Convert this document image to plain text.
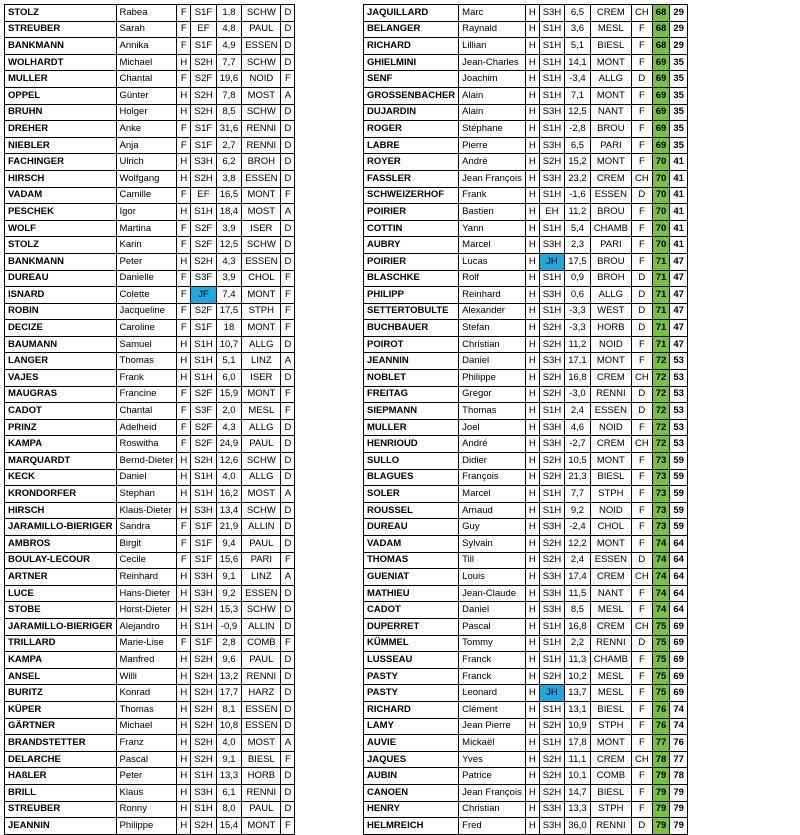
STOLZ	Rabea	F	S1F	1,8	SCHW	D
STREUBER	Sarah	F	EF	4,8	PAUL	D
BANKMANN	Annika	F	S1F	4,9	ESSEN	D
WOLHARDT	Michael	H	S2H	7,7	SCHW	D
MULLER	Chantal	F	S2F	19,6	NOID	F
OPPEL	Günter	H	S2H	7,8	MOST	A
BRUHN	Holger	H	S2H	8,5	SCHW	D
DREHER	Anke	F	S1F	31,6	RENNI	D
NIEBLER	Anja	F	S1F	2,7	RENNI	D
FACHINGER	Ulrich	H	S3H	6,2	BROH	D
HIRSCH	Wolfgang	H	S2H	3,8	ESSEN	D
VADAM	Camille	F	EF	16,5	MONT	F
PESCHEK	Igor	H	S1H	18,4	MOST	A
WOLF	Martina	F	S2F	3,9	ISER	D
STOLZ	Karin	F	S2F	12,5	SCHW	D
BANKMANN	Peter	H	S2H	4,3	ESSEN	D
DUREAU	Danielle	F	S3F	3,9	CHOL	F
ISNARD	Colette	F	JF	7,4	MONT	F
ROBIN	Jacqueline	F	S2F	17,5	STPH	F
DECIZE	Caroline	F	S1F	18	MONT	F
BAUMANN	Samuel	H	S1H	10,7	ALLG	D
LANGER	Thomas	H	S1H	5,1	LINZ	A
VAJES	Frank	H	S1H	6,0	ISER	D
MAUGRAS	Francine	F	S2F	15,9	MONT	F
CADOT	Chantal	F	S3F	2,0	MESL	F
PRINZ	Adelheid	F	S2F	4,3	ALLG	D
KAMPA	Roswitha	F	S2F	24,9	PAUL	D
MARQUARDT	Bernd-Dieter	H	S2H	12,6	SCHW	D
KECK	Daniel	H	S1H	4,0	ALLG	D
KRONDORFER	Stephan	H	S1H	16,2	MOST	A
HIRSCH	Klaus-Dieter	H	S3H	13,4	SCHW	D
JARAMILLO-BIERIGER	Sandra	F	S1F	21,9	ALLIN	D
AMBROS	Birgit	F	S1F	9,4	PAUL	D
BOULAY-LECOUR	Cecile	F	S1F	15,6	PARI	F
ARTNER	Reinhard	H	S3H	9,1	LINZ	A
LUCE	Hans-Dieter	H	S3H	9,2	ESSEN	D
STOBE	Horst-Dieter	H	S2H	15,3	SCHW	D
JARAMILLO-BIERIGER	Alejandro	H	S1H	-0,9	ALLIN	D
TRILLARD	Marie-Lise	F	S1F	2,8	COMB	F
KAMPA	Manfred	H	S2H	9,6	PAUL	D
ANSEL	Willi	H	S2H	13,2	RENNI	D
BURITZ	Konrad	H	S2H	17,7	HARZ	D
KÜPER	Thomas	H	S2H	8,1	ESSEN	D
GÄRTNER	Michael	H	S2H	10,8	ESSEN	D
BRANDSTETTER	Franz	H	S2H	4,0	MOST	A
DELARCHE	Pascal	H	S2H	9,1	BIESL	F
HAßLER	Peter	H	S1H	13,3	HORB	D
BRILL	Klaus	H	S3H	6,1	RENNI	D
STREUBER	Ronny	H	S1H	8,0	PAUL	D
JEANNIN	Philippe	H	S2H	15,4	MONT	F
JAQUILLARD	Marc	H	S3H	6,5	CREM	CH	68	29
BELANGER	Raynald	H	S1H	3,6	MESL	F	68	29
RICHARD	Lillian	H	S1H	5,1	BIESL	F	68	29
GHIELMINI	Jean-Charles	H	S1H	14,1	MONT	F	69	35
SENF	Joachim	H	S1H	-3,4	ALLG	D	69	35
GROSSENBACHER	Alain	H	S1H	7,1	MONT	F	69	35
DUJARDIN	Alain	H	S3H	12,5	NANT	F	69	35
ROGER	Stéphane	H	S1H	-2,8	BROU	F	69	35
LABRE	Pierre	H	S3H	6,5	PARI	F	69	35
ROYER	André	H	S2H	15,2	MONT	F	70	41
FASSLER	Jean François	H	S3H	23,2	CREM	CH	70	41
SCHWEIZERHOF	Frank	H	S1H	-1,6	ESSEN	D	70	41
POIRIER	Bastien	H	EH	11,2	BROU	F	70	41
COTTIN	Yann	H	S1H	5,4	CHAMB	F	70	41
AUBRY	Marcel	H	S3H	2,3	PARI	F	70	41
POIRIER	Lucas	H	JH	17,5	BROU	F	71	47
BLASCHKE	Rolf	H	S1H	0,9	BROH	D	71	47
PHILIPP	Reinhard	H	S3H	0,6	ALLG	D	71	47
SETTERTOBULTE	Alexander	H	S1H	-3,3	WEST	D	71	47
BUCHBAUER	Stefan	H	S2H	-3,3	HORB	D	71	47
POIROT	Christian	H	S2H	11,2	NOID	F	71	47
JEANNIN	Daniel	H	S3H	17,1	MONT	F	72	53
NOBLET	Philippe	H	S2H	16,8	CREM	CH	72	53
FREITAG	Gregor	H	S2H	-3,0	RENNI	D	72	53
SIEPMANN	Thomas	H	S1H	2,4	ESSEN	D	72	53
MULLER	Joel	H	S3H	4,6	NOID	F	72	53
HENRIOUD	André	H	S3H	-2,7	CREM	CH	72	53
SULLO	Didier	H	S2H	10,5	MONT	F	73	59
BLAGUES	François	H	S2H	21,3	BIESL	F	73	59
SOLER	Marcel	H	S1H	7,7	STPH	F	73	59
ROUSSEL	Arnaud	H	S1H	9,2	NOID	F	73	59
DUREAU	Guy	H	S3H	-2,4	CHOL	F	73	59
VADAM	Sylvain	H	S2H	12,2	MONT	F	74	64
THOMAS	Till	H	S2H	2,4	ESSEN	D	74	64
GUENIAT	Louis	H	S3H	17,4	CREM	CH	74	64
MATHIEU	Jean-Claude	H	S3H	11,5	NANT	F	74	64
CADOT	Daniel	H	S3H	8,5	MESL	F	74	64
DUPERRET	Pascal	H	S1H	16,8	CREM	CH	75	69
KÜMMEL	Tommy	H	S1H	2,2	RENNI	D	75	69
LUSSEAU	Franck	H	S1H	11,3	CHAMB	F	75	69
PASTY	Franck	H	S2H	10,2	MESL	F	75	69
PASTY	Leonard	H	JH	13,7	MESL	F	75	69
RICHARD	Clément	H	S1H	13,1	BIESL	F	76	74
LAMY	Jean Pierre	H	S2H	10,9	STPH	F	76	74
AUVIE	Mickaël	H	S1H	17,8	MONT	F	77	76
JAQUES	Yves	H	S2H	11,1	CREM	CH	78	77
AUBIN	Patrice	H	S2H	10,1	COMB	F	79	78
CANOEN	Jean François	H	S2H	14,7	BIESL	F	79	79
HENRY	Christian	H	S3H	13,3	STPH	F	79	79
HELMREICH	Fred	H	S3H	36,0	RENNI	D	79	79
